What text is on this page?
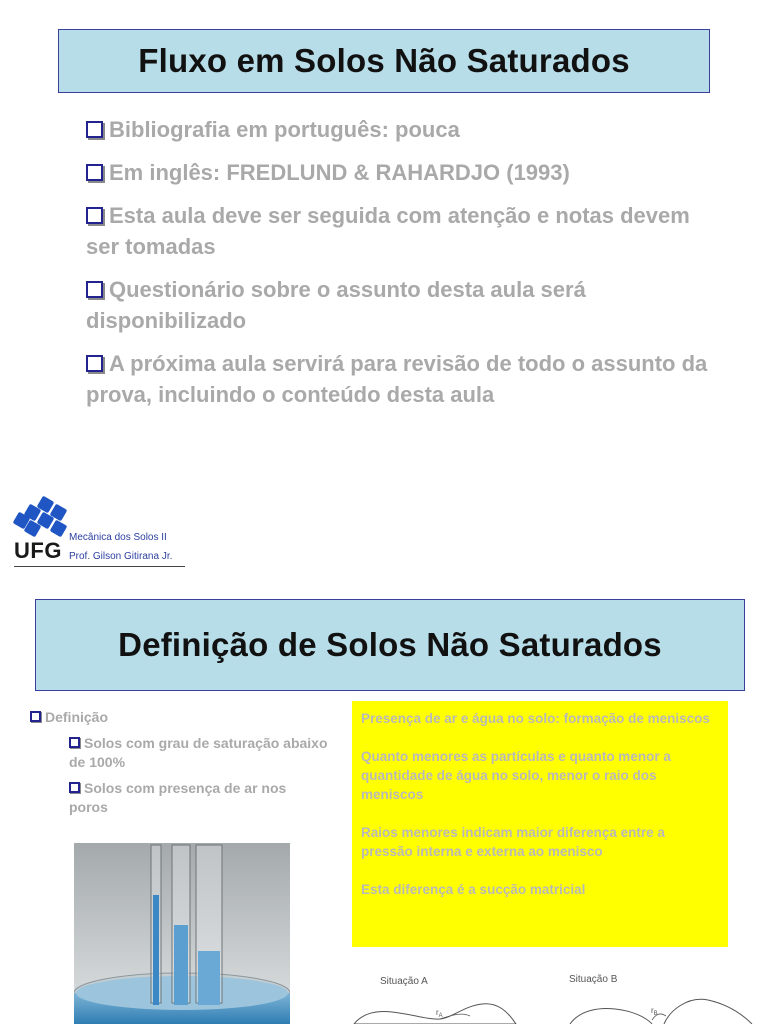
Fluxo em Solos Não Saturados
Bibliografia em português: pouca
Em inglês: FREDLUND & RAHARDJO (1993)
Esta aula deve ser seguida com atenção e notas devem ser tomadas
Questionário sobre o assunto desta aula será disponibilizado
A próxima aula servirá para revisão de todo o assunto da prova, incluindo o conteúdo desta aula
UFG
Mecânica dos Solos II
Prof. Gilson Gitirana Jr.
Definição de Solos Não Saturados
Definição
Solos com grau de saturação abaixo de 100%
Solos com presença de ar nos poros

Presença de ar e água no solo: formação de meniscos

Quanto menores as partículas e quanto menor a quantidade de água no solo, menor o raio dos meniscos

Raios menores indicam maior diferença entre a pressão interna e externa ao menisco

Esta diferença é a sucção matricial

Situação A	Situação B
$r_A$
$r_B$
